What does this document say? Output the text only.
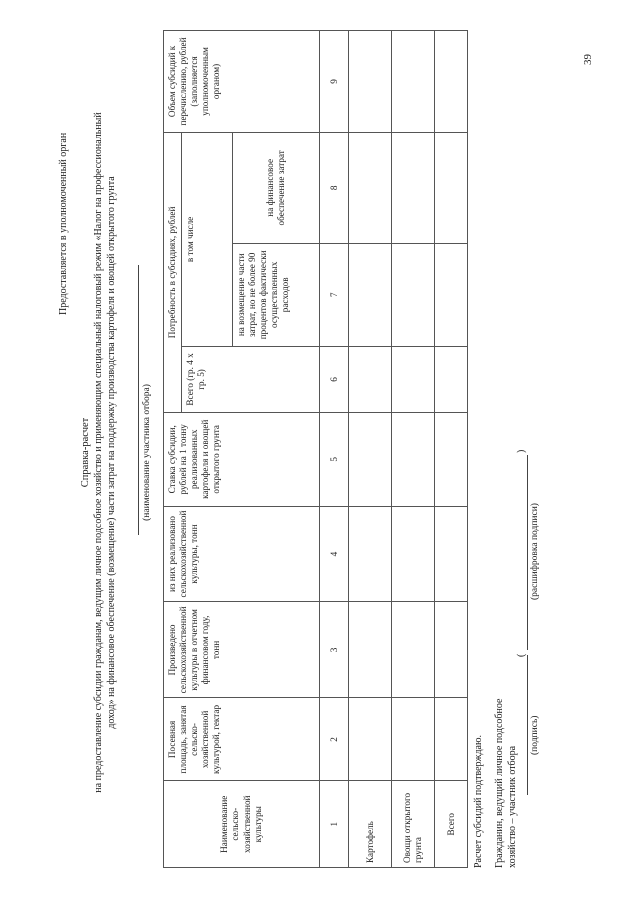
39
Предоставляется в уполномоченный орган
Справка-расчет на предоставление субсидии гражданам, ведущим личное подсобное хозяйство и применяющим специальный налоговый режим «Налог на профессиональный доход» на финансовое обеспечение (возмещение) части затрат на поддержку производства картофеля и овощей открытого грунта	(наименование участника отбора)
Наименование сельско-хозяйственной культуры	Посевная площадь, занятая сельско-хозяйственной культурой, гектар	Произведено сельскохозяйственной культуры в отчетном финансовом году, тонн	из них реализовано сельскохозяйственной культуры, тонн	Ставка субсидии, рублей на 1 тонну реализованных картофеля и овощей открытого грунта	Потребность в субсидиях, рублей			Объем субсидий к перечислению, рублей (заполняется уполномоченным органом)
					Всего (гр. 4 х гр. 5)	в том числе		
						на возмещение части затрат, но не более 90 процентов фактически осуществленных расходов	на финансовое обеспечение затрат	
1	2	3	4	5	6	7	8	9
Картофель								
Овощи открытого грунта								
Всего								Расчет субсидий подтверждаю. Гражданин, ведущий личное подсобное хозяйство – участник отбора
(
)
(подпись)
(расшифровка подписи)
